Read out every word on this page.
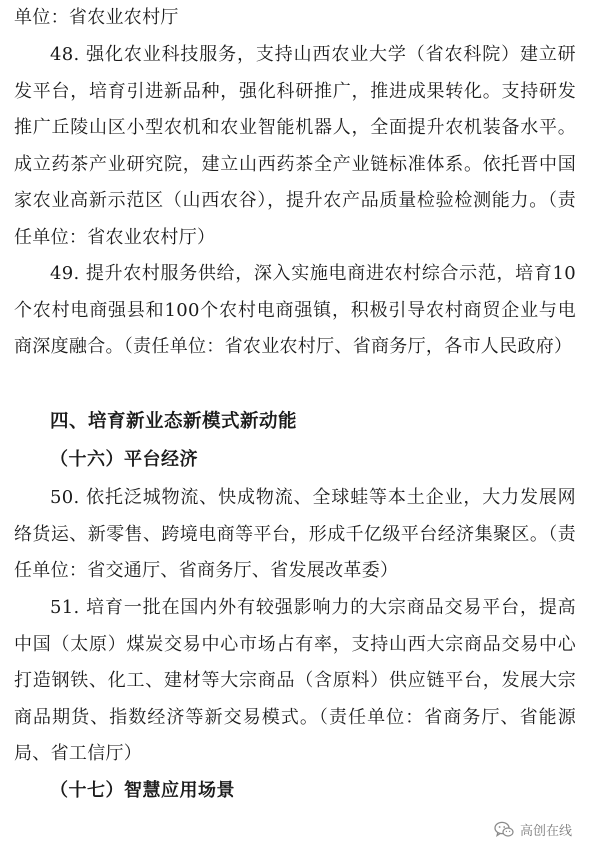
单位：省农业农村厅

48. 强化农业科技服务，支持山西农业大学（省农科院）建立研发平台，培育引进新品种，强化科研推广，推进成果转化。支持研发推广丘陵山区小型农机和农业智能机器人，全面提升农机装备水平。成立药茶产业研究院，建立山西药茶全产业链标准体系。依托晋中国家农业高新示范区（山西农谷），提升农产品质量检验检测能力。（责任单位：省农业农村厅）

49. 提升农村服务供给，深入实施电商进农村综合示范，培育10个农村电商强县和100个农村电商强镇，积极引导农村商贸企业与电商深度融合。（责任单位：省农业农村厅、省商务厅，各市人民政府）

四、培育新业态新模式新动能
（十六）平台经济

50. 依托泛城物流、快成物流、全球蛙等本土企业，大力发展网络货运、新零售、跨境电商等平台，形成千亿级平台经济集聚区。（责任单位：省交通厅、省商务厅、省发展改革委）

51. 培育一批在国内外有较强影响力的大宗商品交易平台，提高中国（太原）煤炭交易中心市场占有率，支持山西大宗商品交易中心打造钢铁、化工、建材等大宗商品（含原料）供应链平台，发展大宗商品期货、指数经济等新交易模式。（责任单位：省商务厅、省能源局、省工信厅）

（十七）智慧应用场景
高创在线
